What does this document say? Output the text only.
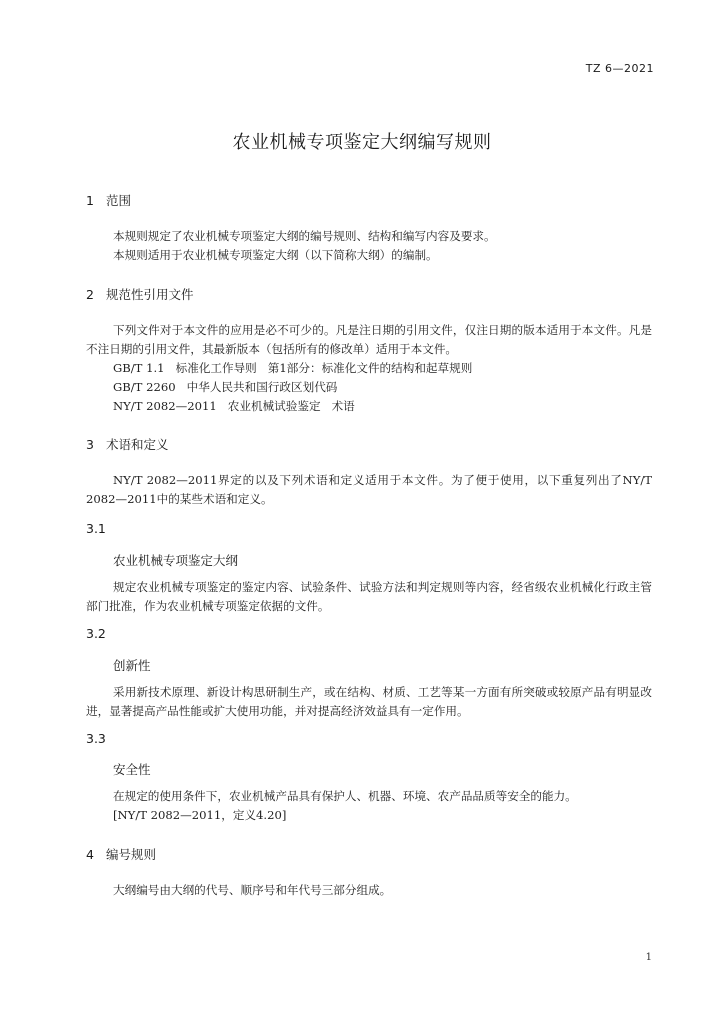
TZ 6—2021
农业机械专项鉴定大纲编写规则
1 范围
本规则规定了农业机械专项鉴定大纲的编号规则、结构和编写内容及要求。
本规则适用于农业机械专项鉴定大纲（以下简称大纲）的编制。
2 规范性引用文件
下列文件对于本文件的应用是必不可少的。凡是注日期的引用文件，仅注日期的版本适用于本文件。凡是不注日期的引用文件，其最新版本（包括所有的修改单）适用于本文件。
GB/T 1.1   标准化工作导则   第1部分：标准化文件的结构和起草规则
GB/T 2260   中华人民共和国行政区划代码
NY/T 2082—2011   农业机械试验鉴定   术语
3 术语和定义
NY/T 2082—2011界定的以及下列术语和定义适用于本文件。为了便于使用，以下重复列出了NY/T 2082—2011中的某些术语和定义。
3.1
农业机械专项鉴定大纲
规定农业机械专项鉴定的鉴定内容、试验条件、试验方法和判定规则等内容，经省级农业机械化行政主管部门批准，作为农业机械专项鉴定依据的文件。
3.2
创新性
采用新技术原理、新设计构思研制生产，或在结构、材质、工艺等某一方面有所突破或较原产品有明显改进，显著提高产品性能或扩大使用功能，并对提高经济效益具有一定作用。
3.3
安全性
在规定的使用条件下，农业机械产品具有保护人、机器、环境、农产品品质等安全的能力。
[NY/T 2082—2011，定义4.20]
4 编号规则
大纲编号由大纲的代号、顺序号和年代号三部分组成。
1
